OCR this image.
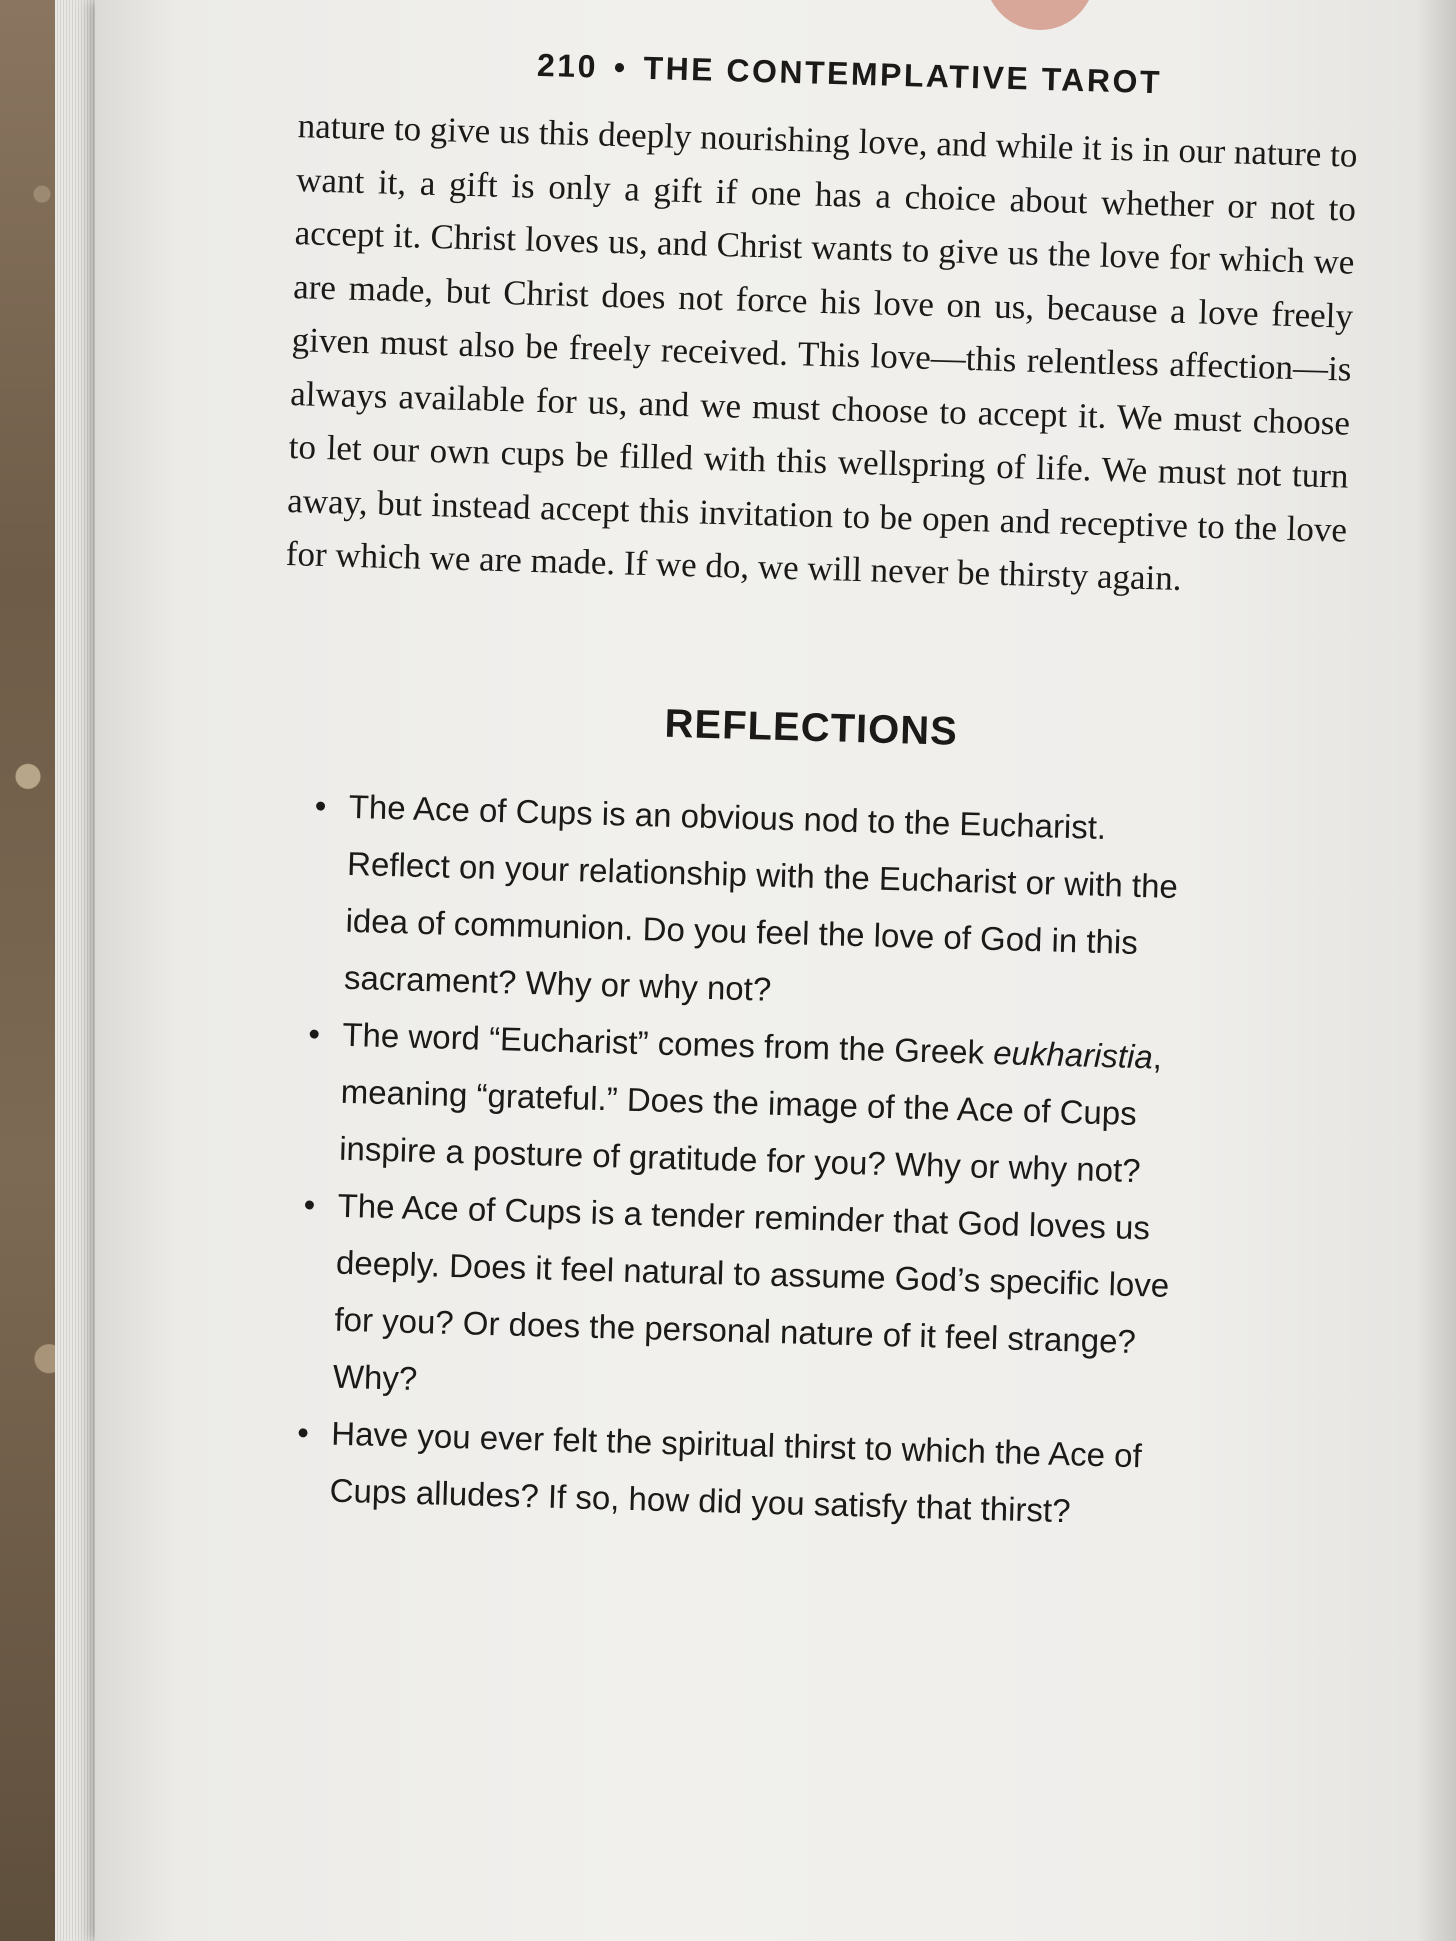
210 • THE CONTEMPLATIVE TAROT

nature to give us this deeply nourishing love, and while it is in our nature to want it, a gift is only a gift if one has a choice about whether or not to accept it. Christ loves us, and Christ wants to give us the love for which we are made, but Christ does not force his love on us, because a love freely given must also be freely received. This love—this relentless affection—is always available for us, and we must choose to accept it. We must choose to let our own cups be filled with this wellspring of life. We must not turn away, but instead accept this invitation to be open and receptive to the love for which we are made. If we do, we will never be thirsty again.

REFLECTIONS
• The Ace of Cups is an obvious nod to the Eucharist. Reflect on your relationship with the Eucharist or with the idea of communion. Do you feel the love of God in this sacrament? Why or why not?
• The word “Eucharist” comes from the Greek eukharistia, meaning “grateful.” Does the image of the Ace of Cups inspire a posture of gratitude for you? Why or why not?
• The Ace of Cups is a tender reminder that God loves us deeply. Does it feel natural to assume God’s specific love for you? Or does the personal nature of it feel strange? Why?
• Have you ever felt the spiritual thirst to which the Ace of Cups alludes? If so, how did you satisfy that thirst?
